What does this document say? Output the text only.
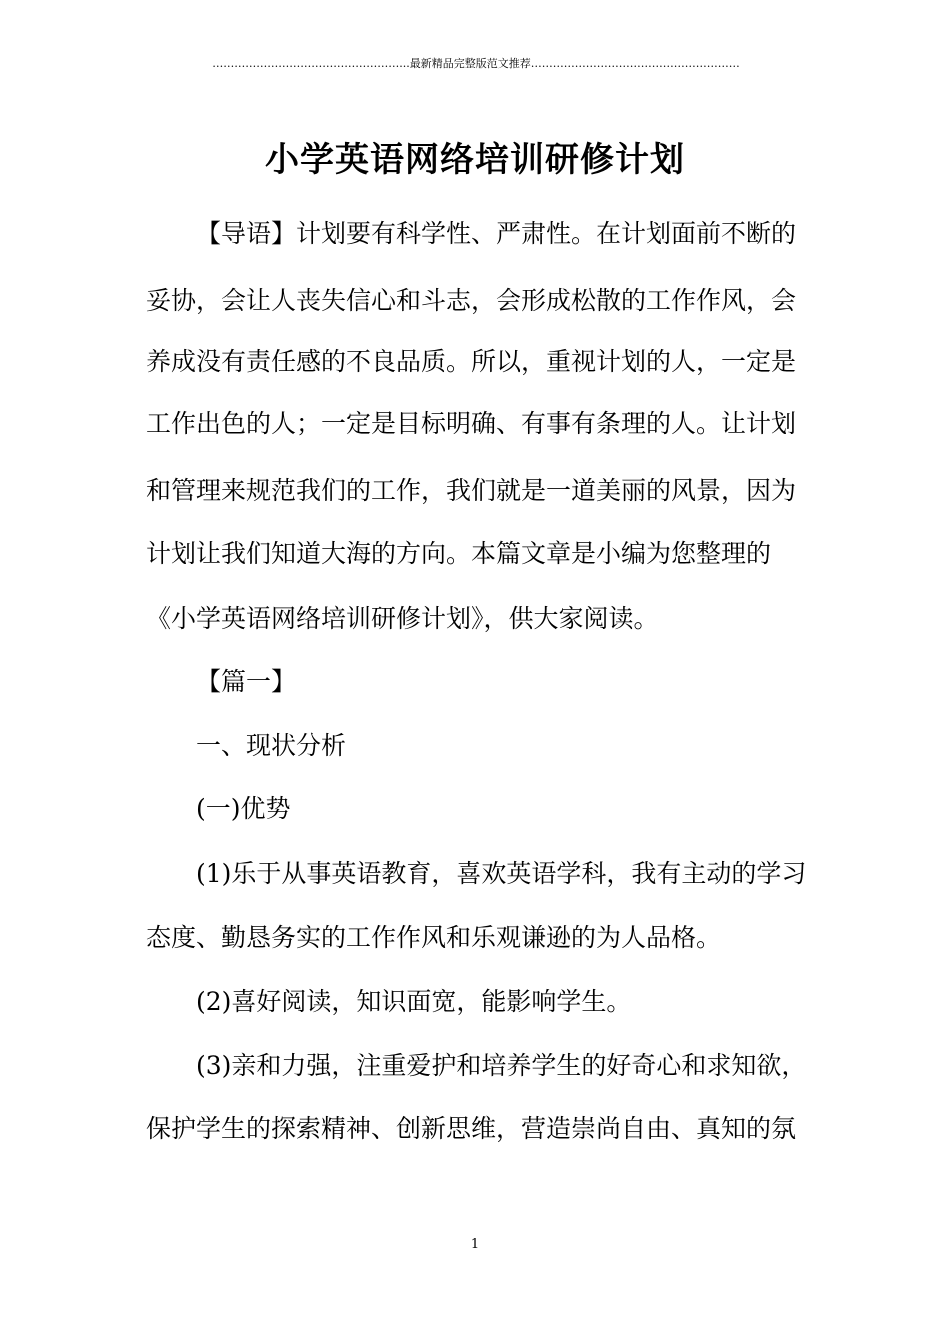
……………………………………………...最新精品完整版范文推荐…………………………………………………
小学英语网络培训研修计划
【导语】计划要有科学性、严肃性。在计划面前不断的
妥协，会让人丧失信心和斗志，会形成松散的工作作风，会
养成没有责任感的不良品质。所以，重视计划的人，一定是
工作出色的人；一定是目标明确、有事有条理的人。让计划
和管理来规范我们的工作，我们就是一道美丽的风景，因为
计划让我们知道大海的方向。本篇文章是小编为您整理的
《小学英语网络培训研修计划》，供大家阅读。
【篇一】
一、现状分析
(一)优势
(1)乐于从事英语教育，喜欢英语学科，我有主动的学习
态度、勤恳务实的工作作风和乐观谦逊的为人品格。
(2)喜好阅读，知识面宽，能影响学生。
(3)亲和力强，注重爱护和培养学生的好奇心和求知欲，
保护学生的探索精神、创新思维，营造崇尚自由、真知的氛
1
